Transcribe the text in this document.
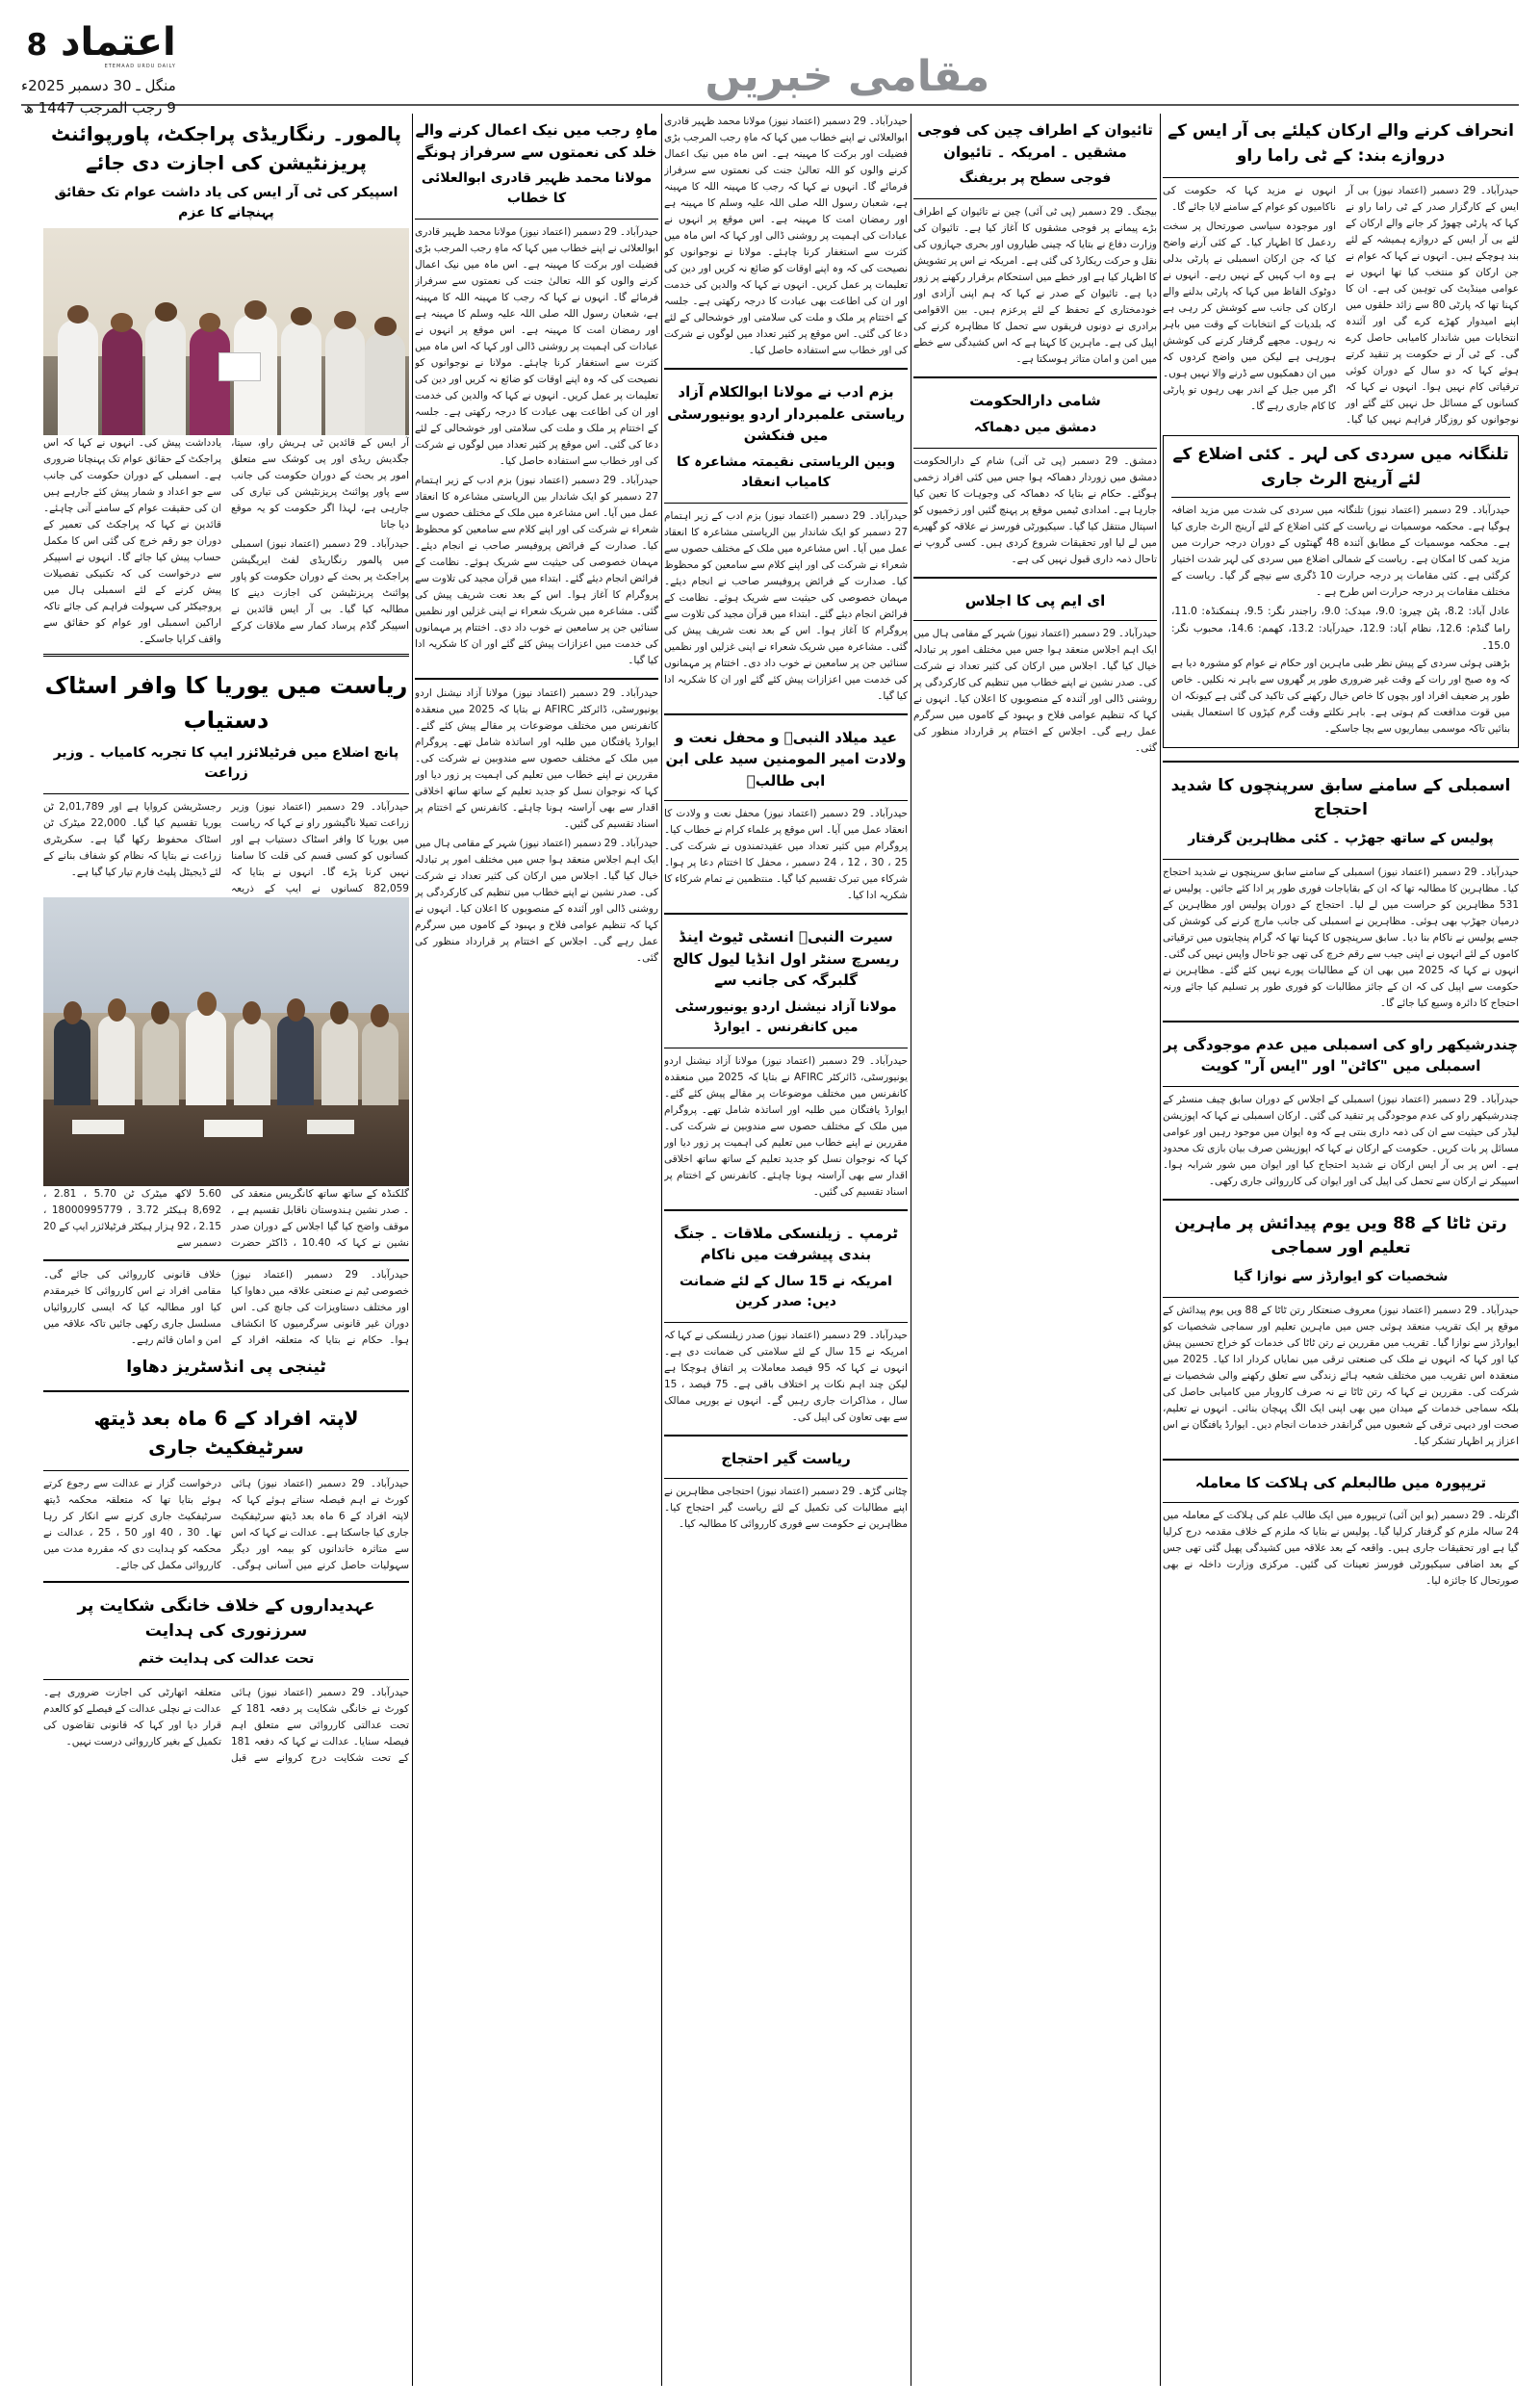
اعتماد
8
ETEMAAD URDU DAILY
منگل ـ 30 دسمبر 2025ء
9 رجب المرجب 1447 ھ
مقامی خبریں
انحراف کرنے والے ارکان کیلئے بی آر ایس کے دروازے بند: کے ٹی راما راو

حیدرآباد۔ 29 دسمبر (اعتماد نیوز) بی آر ایس کے کارگزار صدر کے ٹی راما راو نے کہا کہ پارٹی چھوڑ کر جانے والے ارکان کے لئے بی آر ایس کے دروازے ہمیشہ کے لئے بند ہوچکے ہیں۔ انہوں نے کہا کہ عوام نے جن ارکان کو منتخب کیا تھا انہوں نے عوامی مینڈیٹ کی توہین کی ہے۔ ان کا کہنا تھا کہ پارٹی 80 سے زائد حلقوں میں اپنے امیدوار کھڑے کرے گی اور آئندہ انتخابات میں شاندار کامیابی حاصل کرے گی۔ کے ٹی آر نے حکومت پر تنقید کرتے ہوئے کہا کہ دو سال کے دوران کوئی ترقیاتی کام نہیں ہوا۔ انہوں نے کہا کہ کسانوں کے مسائل حل نہیں کئے گئے اور نوجوانوں کو روزگار فراہم نہیں کیا گیا۔ انہوں نے مزید کہا کہ حکومت کی ناکامیوں کو عوام کے سامنے لایا جائے گا۔

اور موجودہ سیاسی صورتحال پر سخت ردعمل کا اظہار کیا۔ کے کئی آرنے واضح کیا کہ جن ارکان اسمبلی نے پارٹی بدلی ہے وہ اب کہیں کے نہیں رہے۔ انہوں نے دوٹوک الفاظ میں کہا کہ پارٹی بدلنے والے ارکان کی جانب سے کوشش کر رہی ہے کہ بلدیات کے انتخابات کے وقت میں باہر نہ رہوں۔ مجھے گرفتار کرنے کی کوشش ہورہی ہے لیکن میں واضح کردوں کہ میں ان دھمکیوں سے ڈرنے والا نہیں ہوں۔ اگر میں جیل کے اندر بھی رہوں تو پارٹی کا کام جاری رہے گا۔

تلنگانہ میں سردی کی لہر ۔ کئی اضلاع کے لئے آرینج الرٹ جاری

حیدرآباد۔ 29 دسمبر (اعتماد نیوز) تلنگانہ میں سردی کی شدت میں مزید اضافہ ہوگیا ہے۔ محکمہ موسمیات نے ریاست کے کئی اضلاع کے لئے آرینج الرٹ جاری کیا ہے۔ محکمہ موسمیات کے مطابق آئندہ 48 گھنٹوں کے دوران درجہ حرارت میں مزید کمی کا امکان ہے۔ ریاست کے شمالی اضلاع میں سردی کی لہر شدت اختیار کرگئی ہے۔ کئی مقامات پر درجہ حرارت 10 ڈگری سے نیچے گر گیا۔ ریاست کے مختلف مقامات پر درجہ حرارت اس طرح ہے ۔

عادل آباد: 8.2، پٹن چیرو: 9.0، میدک: 9.0، راجندر نگر: 9.5، ہنمکنڈہ: 11.0، راما گنڈم: 12.6، نظام آباد: 12.9، حیدرآباد: 13.2، کھمم: 14.6، محبوب نگر: 15.0۔

بڑھتی ہوئی سردی کے پیش نظر طبی ماہرین اور حکام نے عوام کو مشورہ دیا ہے کہ وہ صبح اور رات کے وقت غیر ضروری طور پر گھروں سے باہر نہ نکلیں۔ خاص طور پر ضعیف افراد اور بچوں کا خاص خیال رکھنے کی تاکید کی گئی ہے کیونکہ ان میں قوت مدافعت کم ہوتی ہے۔ باہر نکلتے وقت گرم کپڑوں کا استعمال یقینی بنائیں تاکہ موسمی بیماریوں سے بچا جاسکے۔

اسمبلی کے سامنے سابق سرپنچوں کا شدید احتجاج
پولیس کے ساتھ جھڑپ ۔ کئی مظاہرین گرفتار

حیدرآباد۔ 29 دسمبر (اعتماد نیوز) اسمبلی کے سامنے سابق سرپنچوں نے شدید احتجاج کیا۔ مظاہرین کا مطالبہ تھا کہ ان کے بقایاجات فوری طور پر ادا کئے جائیں۔ پولیس نے 531 مظاہرین کو حراست میں لے لیا۔ احتجاج کے دوران پولیس اور مظاہرین کے درمیان جھڑپ بھی ہوئی۔ مظاہرین نے اسمبلی کی جانب مارچ کرنے کی کوشش کی جسے پولیس نے ناکام بنا دیا۔ سابق سرپنچوں کا کہنا تھا کہ گرام پنچایتوں میں ترقیاتی کاموں کے لئے انہوں نے اپنی جیب سے رقم خرچ کی تھی جو تاحال واپس نہیں کی گئی۔ انہوں نے کہا کہ 2025 میں بھی ان کے مطالبات پورے نہیں کئے گئے۔ مظاہرین نے حکومت سے اپیل کی کہ ان کے جائز مطالبات کو فوری طور پر تسلیم کیا جائے ورنہ احتجاج کا دائرہ وسیع کیا جائے گا۔

چندرشیکھر راو کی اسمبلی میں عدم موجودگی پر اسمبلی میں "کاٹن" اور "ایس آر" کویت

حیدرآباد۔ 29 دسمبر (اعتماد نیوز) اسمبلی کے اجلاس کے دوران سابق چیف منسٹر کے چندرشیکھر راو کی عدم موجودگی پر تنقید کی گئی۔ ارکان اسمبلی نے کہا کہ اپوزیشن لیڈر کی حیثیت سے ان کی ذمہ داری بنتی ہے کہ وہ ایوان میں موجود رہیں اور عوامی مسائل پر بات کریں۔ حکومت کے ارکان نے کہا کہ اپوزیشن صرف بیان بازی تک محدود ہے۔ اس پر بی آر ایس ارکان نے شدید احتجاج کیا اور ایوان میں شور شرابہ ہوا۔ اسپیکر نے ارکان سے تحمل کی اپیل کی اور ایوان کی کارروائی جاری رکھی۔

رتن ٹاٹا کے 88 ویں یوم پیدائش پر ماہرین تعلیم اور سماجی
شخصیات کو ایوارڈز سے نوازا گیا

حیدرآباد۔ 29 دسمبر (اعتماد نیوز) معروف صنعتکار رتن ٹاٹا کے 88 ویں یوم پیدائش کے موقع پر ایک تقریب منعقد ہوئی جس میں ماہرین تعلیم اور سماجی شخصیات کو ایوارڈز سے نوازا گیا۔ تقریب میں مقررین نے رتن ٹاٹا کی خدمات کو خراج تحسین پیش کیا اور کہا کہ انہوں نے ملک کی صنعتی ترقی میں نمایاں کردار ادا کیا۔ 2025 میں منعقدہ اس تقریب میں مختلف شعبہ ہائے زندگی سے تعلق رکھنے والی شخصیات نے شرکت کی۔ مقررین نے کہا کہ رتن ٹاٹا نے نہ صرف کاروبار میں کامیابی حاصل کی بلکہ سماجی خدمات کے میدان میں بھی اپنی ایک الگ پہچان بنائی۔ انہوں نے تعلیم، صحت اور دیہی ترقی کے شعبوں میں گرانقدر خدمات انجام دیں۔ ایوارڈ یافتگان نے اس اعزاز پر اظہار تشکر کیا۔

تریپورہ میں طالبعلم کی ہلاکت کا معاملہ

اگرتلہ۔ 29 دسمبر (یو این آئی) تریپورہ میں ایک طالب علم کی ہلاکت کے معاملہ میں 24 سالہ ملزم کو گرفتار کرلیا گیا۔ پولیس نے بتایا کہ ملزم کے خلاف مقدمہ درج کرلیا گیا ہے اور تحقیقات جاری ہیں۔ واقعہ کے بعد علاقہ میں کشیدگی پھیل گئی تھی جس کے بعد اضافی سیکیورٹی فورسز تعینات کی گئیں۔ مرکزی وزارت داخلہ نے بھی صورتحال کا جائزہ لیا۔

تائیوان کے اطراف چین کی فوجی مشقیں ۔ امریکہ ۔ تائیوان
فوجی سطح پر بریفنگ

بیجنگ۔ 29 دسمبر (پی ٹی آئی) چین نے تائیوان کے اطراف بڑے پیمانے پر فوجی مشقوں کا آغاز کیا ہے۔ تائیوان کی وزارت دفاع نے بتایا کہ چینی طیاروں اور بحری جہازوں کی نقل و حرکت ریکارڈ کی گئی ہے۔ امریکہ نے اس پر تشویش کا اظہار کیا ہے اور خطے میں استحکام برقرار رکھنے پر زور دیا ہے۔ تائیوان کے صدر نے کہا کہ ہم اپنی آزادی اور خودمختاری کے تحفظ کے لئے پرعزم ہیں۔ بین الاقوامی برادری نے دونوں فریقوں سے تحمل کا مظاہرہ کرنے کی اپیل کی ہے۔ ماہرین کا کہنا ہے کہ اس کشیدگی سے خطے میں امن و امان متاثر ہوسکتا ہے۔

شامی دارالحکومت
دمشق میں دھماکہ

دمشق۔ 29 دسمبر (پی ٹی آئی) شام کے دارالحکومت دمشق میں زوردار دھماکہ ہوا جس میں کئی افراد زخمی ہوگئے۔ حکام نے بتایا کہ دھماکہ کی وجوہات کا تعین کیا جارہا ہے۔ امدادی ٹیمیں موقع پر پہنچ گئیں اور زخمیوں کو اسپتال منتقل کیا گیا۔ سیکیورٹی فورسز نے علاقہ کو گھیرے میں لے لیا اور تحقیقات شروع کردی ہیں۔ کسی گروپ نے تاحال ذمہ داری قبول نہیں کی ہے۔

ای ایم پی کا اجلاس

حیدرآباد۔ 29 دسمبر (اعتماد نیوز) شہر کے مقامی ہال میں ایک اہم اجلاس منعقد ہوا جس میں مختلف امور پر تبادلہ خیال کیا گیا۔ اجلاس میں ارکان کی کثیر تعداد نے شرکت کی۔ صدر نشین نے اپنے خطاب میں تنظیم کی کارکردگی پر روشنی ڈالی اور آئندہ کے منصوبوں کا اعلان کیا۔ انہوں نے کہا کہ تنظیم عوامی فلاح و بہبود کے کاموں میں سرگرم عمل رہے گی۔ اجلاس کے اختتام پر قرارداد منظور کی گئی۔

حیدرآباد۔ 29 دسمبر (اعتماد نیوز) مولانا محمد ظہیر قادری ابوالعلائی نے اپنے خطاب میں کہا کہ ماہِ رجب المرجب بڑی فضیلت اور برکت کا مہینہ ہے۔ اس ماہ میں نیک اعمال کرنے والوں کو اللہ تعالیٰ جنت کی نعمتوں سے سرفراز فرمائے گا۔ انہوں نے کہا کہ رجب کا مہینہ اللہ کا مہینہ ہے، شعبان رسول اللہ صلی اللہ علیہ وسلم کا مہینہ ہے اور رمضان امت کا مہینہ ہے۔ اس موقع پر انہوں نے عبادات کی اہمیت پر روشنی ڈالی اور کہا کہ اس ماہ میں کثرت سے استغفار کرنا چاہئے۔ مولانا نے نوجوانوں کو نصیحت کی کہ وہ اپنے اوقات کو ضائع نہ کریں اور دین کی تعلیمات پر عمل کریں۔ انہوں نے کہا کہ والدین کی خدمت اور ان کی اطاعت بھی عبادت کا درجہ رکھتی ہے۔ جلسہ کے اختتام پر ملک و ملت کی سلامتی اور خوشحالی کے لئے دعا کی گئی۔ اس موقع پر کثیر تعداد میں لوگوں نے شرکت کی اور خطاب سے استفادہ حاصل کیا۔

بزم ادب نے مولانا ابوالکلام آزاد ریاستی علمبردار اردو یونیورسٹی میں فنکشن
وبین الریاستی نقیمتہ مشاعرہ کا کامیاب انعقاد

حیدرآباد۔ 29 دسمبر (اعتماد نیوز) بزم ادب کے زیر اہتمام 27 دسمبر کو ایک شاندار بین الریاستی مشاعرہ کا انعقاد عمل میں آیا۔ اس مشاعرہ میں ملک کے مختلف حصوں سے شعراء نے شرکت کی اور اپنے کلام سے سامعین کو محظوظ کیا۔ صدارت کے فرائض پروفیسر صاحب نے انجام دیئے۔ مہمان خصوصی کی حیثیت سے شریک ہوئے۔ نظامت کے فرائض انجام دیئے گئے۔ ابتداء میں قرآن مجید کی تلاوت سے پروگرام کا آغاز ہوا۔ اس کے بعد نعت شریف پیش کی گئی۔ مشاعرہ میں شریک شعراء نے اپنی غزلیں اور نظمیں سنائیں جن پر سامعین نے خوب داد دی۔ اختتام پر مہمانوں کی خدمت میں اعزازات پیش کئے گئے اور ان کا شکریہ ادا کیا گیا۔

عید میلاد النبیؐ و محفل نعت و ولادت امیر المومنین سید علی ابن ابی طالبؓ

حیدرآباد۔ 29 دسمبر (اعتماد نیوز) محفل نعت و ولادت کا انعقاد عمل میں آیا۔ اس موقع پر علماء کرام نے خطاب کیا۔ پروگرام میں کثیر تعداد میں عقیدتمندوں نے شرکت کی۔ 25 ، 30 ، 12 ، 24 دسمبر ، محفل کا اختتام دعا پر ہوا۔ شرکاء میں تبرک تقسیم کیا گیا۔ منتظمین نے تمام شرکاء کا شکریہ ادا کیا۔

سیرت النبیؐ انسٹی ٹیوٹ اینڈ ریسرچ سنٹر اول انڈیا لیول کالج گلبرگہ کی جانب سے
مولانا آزاد نیشنل اردو یونیورسٹی میں کانفرنس ۔ ایوارڈ

حیدرآباد۔ 29 دسمبر (اعتماد نیوز) مولانا آزاد نیشنل اردو یونیورسٹی، ڈائرکٹر AFIRC نے بتایا کہ 2025 میں منعقدہ کانفرنس میں مختلف موضوعات پر مقالے پیش کئے گئے۔ ایوارڈ یافتگان میں طلبہ اور اساتذہ شامل تھے۔ پروگرام میں ملک کے مختلف حصوں سے مندوبین نے شرکت کی۔ مقررین نے اپنے خطاب میں تعلیم کی اہمیت پر زور دیا اور کہا کہ نوجوان نسل کو جدید تعلیم کے ساتھ ساتھ اخلاقی اقدار سے بھی آراستہ ہونا چاہئے۔ کانفرنس کے اختتام پر اسناد تقسیم کی گئیں۔

ٹرمپ ۔ زیلنسکی ملاقات ۔ جنگ بندی پیشرفت میں ناکام
امریکہ نے 15 سال کے لئے ضمانت دیں: صدر کرین

حیدرآباد۔ 29 دسمبر (اعتماد نیوز) صدر زیلنسکی نے کہا کہ امریکہ نے 15 سال کے لئے سلامتی کی ضمانت دی ہے۔ انہوں نے کہا کہ 95 فیصد معاملات پر اتفاق ہوچکا ہے لیکن چند اہم نکات پر اختلاف باقی ہے۔ 75 فیصد ، 15 سال ، مذاکرات جاری رہیں گے۔ انہوں نے یورپی ممالک سے بھی تعاون کی اپیل کی۔

ریاست گیر احتجاج

چٹانی گڑھ۔ 29 دسمبر (اعتماد نیوز) احتجاجی مظاہرین نے اپنے مطالبات کی تکمیل کے لئے ریاست گیر احتجاج کیا۔ مظاہرین نے حکومت سے فوری کارروائی کا مطالبہ کیا۔

ماہِ رجب میں نیک اعمال کرنے والے خلد کی نعمتوں سے سرفراز ہونگے
مولانا محمد ظہیر قادری ابوالعلائی کا خطاب

حیدرآباد۔ 29 دسمبر (اعتماد نیوز) مولانا محمد ظہیر قادری ابوالعلائی نے اپنے خطاب میں کہا کہ ماہِ رجب المرجب بڑی فضیلت اور برکت کا مہینہ ہے۔ اس ماہ میں نیک اعمال کرنے والوں کو اللہ تعالیٰ جنت کی نعمتوں سے سرفراز فرمائے گا۔ انہوں نے کہا کہ رجب کا مہینہ اللہ کا مہینہ ہے، شعبان رسول اللہ صلی اللہ علیہ وسلم کا مہینہ ہے اور رمضان امت کا مہینہ ہے۔ اس موقع پر انہوں نے عبادات کی اہمیت پر روشنی ڈالی اور کہا کہ اس ماہ میں کثرت سے استغفار کرنا چاہئے۔ مولانا نے نوجوانوں کو نصیحت کی کہ وہ اپنے اوقات کو ضائع نہ کریں اور دین کی تعلیمات پر عمل کریں۔ انہوں نے کہا کہ والدین کی خدمت اور ان کی اطاعت بھی عبادت کا درجہ رکھتی ہے۔ جلسہ کے اختتام پر ملک و ملت کی سلامتی اور خوشحالی کے لئے دعا کی گئی۔ اس موقع پر کثیر تعداد میں لوگوں نے شرکت کی اور خطاب سے استفادہ حاصل کیا۔

حیدرآباد۔ 29 دسمبر (اعتماد نیوز) بزم ادب کے زیر اہتمام 27 دسمبر کو ایک شاندار بین الریاستی مشاعرہ کا انعقاد عمل میں آیا۔ اس مشاعرہ میں ملک کے مختلف حصوں سے شعراء نے شرکت کی اور اپنے کلام سے سامعین کو محظوظ کیا۔ صدارت کے فرائض پروفیسر صاحب نے انجام دیئے۔ مہمان خصوصی کی حیثیت سے شریک ہوئے۔ نظامت کے فرائض انجام دیئے گئے۔ ابتداء میں قرآن مجید کی تلاوت سے پروگرام کا آغاز ہوا۔ اس کے بعد نعت شریف پیش کی گئی۔ مشاعرہ میں شریک شعراء نے اپنی غزلیں اور نظمیں سنائیں جن پر سامعین نے خوب داد دی۔ اختتام پر مہمانوں کی خدمت میں اعزازات پیش کئے گئے اور ان کا شکریہ ادا کیا گیا۔

حیدرآباد۔ 29 دسمبر (اعتماد نیوز) مولانا آزاد نیشنل اردو یونیورسٹی، ڈائرکٹر AFIRC نے بتایا کہ 2025 میں منعقدہ کانفرنس میں مختلف موضوعات پر مقالے پیش کئے گئے۔ ایوارڈ یافتگان میں طلبہ اور اساتذہ شامل تھے۔ پروگرام میں ملک کے مختلف حصوں سے مندوبین نے شرکت کی۔ مقررین نے اپنے خطاب میں تعلیم کی اہمیت پر زور دیا اور کہا کہ نوجوان نسل کو جدید تعلیم کے ساتھ ساتھ اخلاقی اقدار سے بھی آراستہ ہونا چاہئے۔ کانفرنس کے اختتام پر اسناد تقسیم کی گئیں۔

حیدرآباد۔ 29 دسمبر (اعتماد نیوز) شہر کے مقامی ہال میں ایک اہم اجلاس منعقد ہوا جس میں مختلف امور پر تبادلہ خیال کیا گیا۔ اجلاس میں ارکان کی کثیر تعداد نے شرکت کی۔ صدر نشین نے اپنے خطاب میں تنظیم کی کارکردگی پر روشنی ڈالی اور آئندہ کے منصوبوں کا اعلان کیا۔ انہوں نے کہا کہ تنظیم عوامی فلاح و بہبود کے کاموں میں سرگرم عمل رہے گی۔ اجلاس کے اختتام پر قرارداد منظور کی گئی۔

پالمور۔ رنگاریڈی پراجکٹ، پاورپوائنٹ پریزنٹیشن کی اجازت دی جائے
اسپیکر کی ٹی آر ایس کی یاد داشت عوام تک حقائق پہنچانے کا عزم

آر ایس کے قائدین ٹی ہریش راو، سیتا، جگدیش ریڈی اور پی کوشک سے متعلق امور پر بحث کے دوران حکومت کی جانب سے پاور پوائنٹ پریزنٹیشن کی تیاری کی جارہی ہے، لہذا اگر حکومت کو یہ موقع دیا جاتا

حیدرآباد۔ 29 دسمبر (اعتماد نیوز) اسمبلی میں پالمور رنگاریڈی لفٹ ایریگیشن پراجکٹ پر بحث کے دوران حکومت کو پاور پوائنٹ پریزنٹیشن کی اجازت دینے کا مطالبہ کیا گیا۔ بی آر ایس قائدین نے اسپیکر گڈم پرساد کمار سے ملاقات کرکے یادداشت پیش کی۔ انہوں نے کہا کہ اس پراجکٹ کے حقائق عوام تک پہنچانا ضروری ہے۔ اسمبلی کے دوران حکومت کی جانب سے جو اعداد و شمار پیش کئے جارہے ہیں ان کی حقیقت عوام کے سامنے آنی چاہئے۔ قائدین نے کہا کہ پراجکٹ کی تعمیر کے دوران جو رقم خرچ کی گئی اس کا مکمل حساب پیش کیا جائے گا۔ انہوں نے اسپیکر سے درخواست کی کہ تکنیکی تفصیلات پیش کرنے کے لئے اسمبلی ہال میں پروجیکٹر کی سہولت فراہم کی جائے تاکہ اراکین اسمبلی اور عوام کو حقائق سے واقف کرایا جاسکے۔

ریاست میں یوریا کا وافر اسٹاک دستیاب
پانچ اضلاع میں فرٹیلائزر ایپ کا تجربہ کامیاب ۔ وزیر زراعت

حیدرآباد۔ 29 دسمبر (اعتماد نیوز) وزیر زراعت تمیلا ناگیشور راو نے کہا کہ ریاست میں یوریا کا وافر اسٹاک دستیاب ہے اور کسانوں کو کسی قسم کی قلت کا سامنا نہیں کرنا پڑے گا۔ انہوں نے بتایا کہ 82,059 کسانوں نے ایپ کے ذریعہ رجسٹریشن کروایا ہے اور 2,01,789 ٹن یوریا تقسیم کیا گیا۔ 22,000 میٹرک ٹن اسٹاک محفوظ رکھا گیا ہے۔ سکریٹری زراعت نے بتایا کہ نظام کو شفاف بنانے کے لئے ڈیجیٹل پلیٹ فارم تیار کیا گیا ہے۔

گلکنڈہ کے ساتھ ساتھ کانگریس منعقد کی ۔ صدر نشین ہندوستان ناقابل تقسیم ہے ، موقف واضح کیا گیا اجلاس کے دوران صدر نشین نے کہا کہ 10.40 ، ڈاکٹر حضرت 5.60 لاکھ میٹرک ٹن 5.70 ، 2.81 ، 8,692 ہیکٹر 3.72 ، 18000995779 ، 2.15 ، 92 ہزار ہیکٹر فرٹیلائزر ایپ کے 20 دسمبر سے

حیدرآباد۔ 29 دسمبر (اعتماد نیوز) خصوصی ٹیم نے صنعتی علاقہ میں دھاوا کیا اور مختلف دستاویزات کی جانچ کی۔ اس دوران غیر قانونی سرگرمیوں کا انکشاف ہوا۔ حکام نے بتایا کہ متعلقہ افراد کے خلاف قانونی کارروائی کی جائے گی۔ مقامی افراد نے اس کارروائی کا خیرمقدم کیا اور مطالبہ کیا کہ ایسی کارروائیاں مسلسل جاری رکھی جائیں تاکہ علاقہ میں امن و امان قائم رہے۔

ٹینجی پی انڈسٹریز دھاوا
لاپتہ افراد کے 6 ماہ بعد ڈیتھ سرٹیفکیٹ جاری

حیدرآباد۔ 29 دسمبر (اعتماد نیوز) ہائی کورٹ نے اہم فیصلہ سناتے ہوئے کہا کہ لاپتہ افراد کے 6 ماہ بعد ڈیتھ سرٹیفکیٹ جاری کیا جاسکتا ہے۔ عدالت نے کہا کہ اس سے متاثرہ خاندانوں کو بیمہ اور دیگر سہولیات حاصل کرنے میں آسانی ہوگی۔ درخواست گزار نے عدالت سے رجوع کرتے ہوئے بتایا تھا کہ متعلقہ محکمہ ڈیتھ سرٹیفکیٹ جاری کرنے سے انکار کر رہا تھا۔ 30 ، 40 اور 50 ، 25 ، عدالت نے محکمہ کو ہدایت دی کہ مقررہ مدت میں کارروائی مکمل کی جائے۔

عہدیداروں کے خلاف خانگی شکایت پر سرزنوری کی ہدایت
تحت عدالت کی ہدایت ختم

حیدرآباد۔ 29 دسمبر (اعتماد نیوز) ہائی کورٹ نے خانگی شکایت پر دفعہ 181 کے تحت عدالتی کارروائی سے متعلق اہم فیصلہ سنایا۔ عدالت نے کہا کہ دفعہ 181 کے تحت شکایت درج کروانے سے قبل متعلقہ اتھارٹی کی اجازت ضروری ہے۔ عدالت نے نچلی عدالت کے فیصلے کو کالعدم قرار دیا اور کہا کہ قانونی تقاضوں کی تکمیل کے بغیر کارروائی درست نہیں۔
